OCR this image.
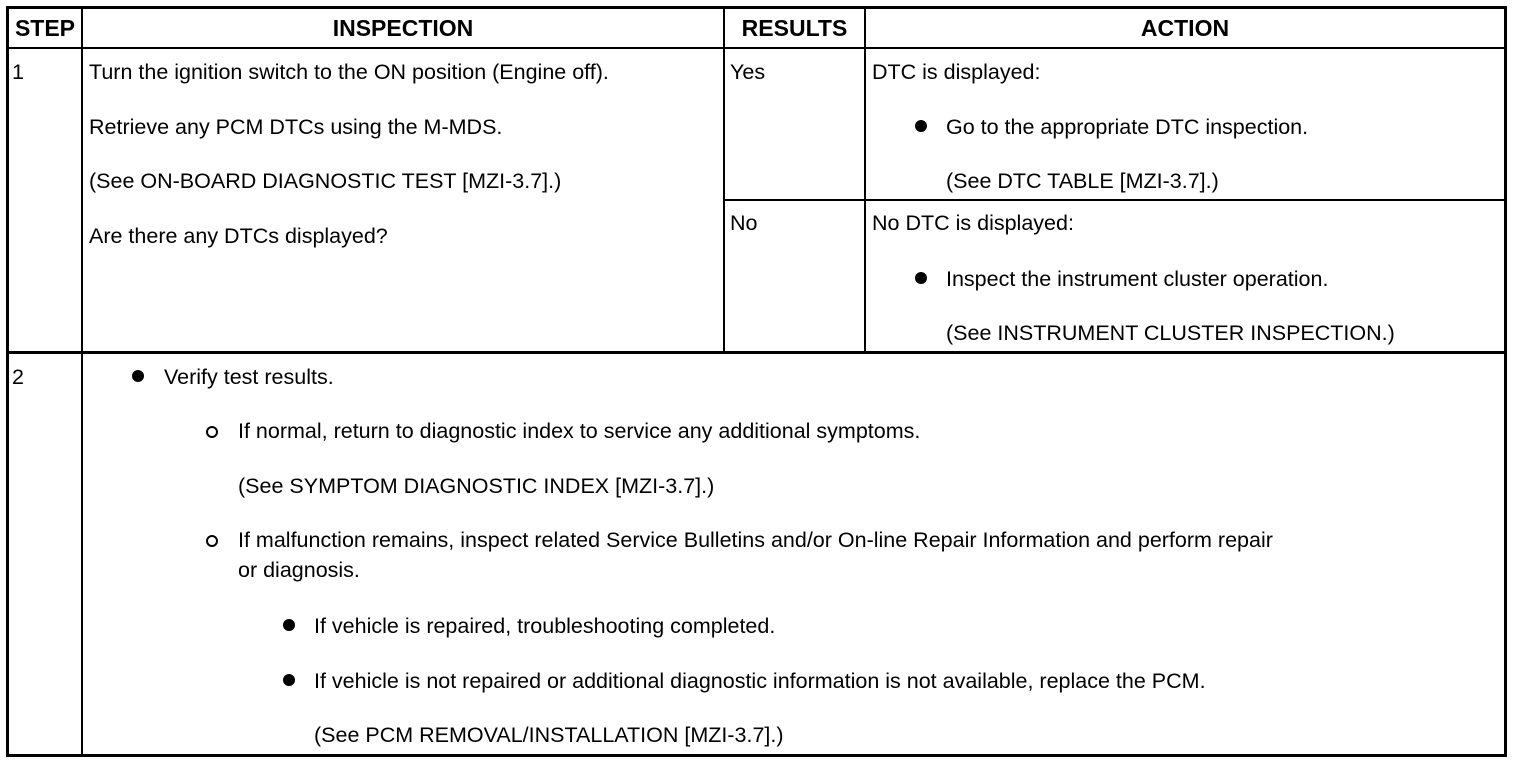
STEP	INSPECTION	RESULTS	ACTION
1	Turn the ignition switch to the ON position (Engine off).
Retrieve any PCM DTCs using the M-MDS.
(See ON-BOARD DIAGNOSTIC TEST [MZI-3.7].)
Are there any DTCs displayed?
Yes	DTC is displayed:
Go to the appropriate DTC inspection.
(See DTC TABLE [MZI-3.7].)
No	No DTC is displayed:
Inspect the instrument cluster operation.
(See INSTRUMENT CLUSTER INSPECTION.)
2	Verify test results.
If normal, return to diagnostic index to service any additional symptoms.
(See SYMPTOM DIAGNOSTIC INDEX [MZI-3.7].)
If malfunction remains, inspect related Service Bulletins and/or On-line Repair Information and perform repair
or diagnosis.
If vehicle is repaired, troubleshooting completed.
If vehicle is not repaired or additional diagnostic information is not available, replace the PCM.
(See PCM REMOVAL/INSTALLATION [MZI-3.7].)
